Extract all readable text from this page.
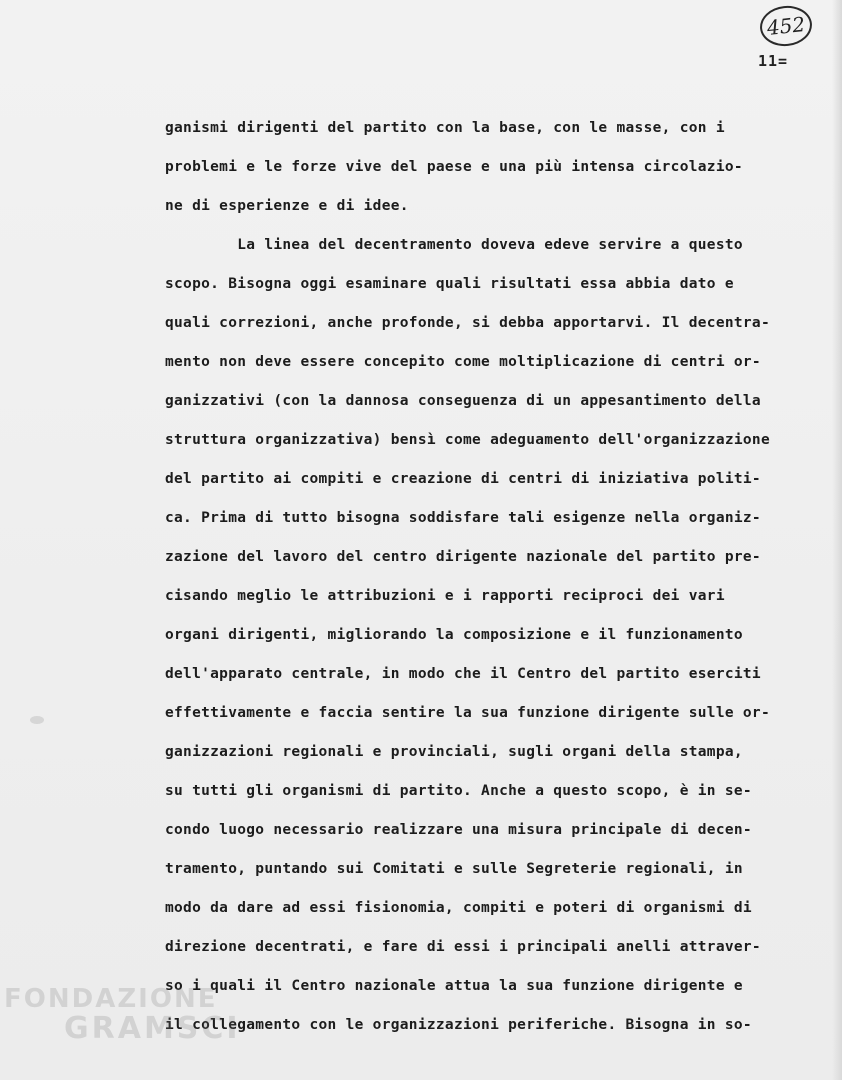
452
11=
ganismi dirigenti del partito con la base, con le masse, con i
problemi e le forze vive del paese e una più intensa circolazio-
ne di esperienze e di idee.
La linea del decentramento doveva edeve servire a questo
scopo. Bisogna oggi esaminare quali risultati essa abbia dato e
quali correzioni, anche profonde, si debba apportarvi. Il decentra-
mento non deve essere concepito come moltiplicazione di centri or-
ganizzativi (con la dannosa conseguenza di un appesantimento della
struttura organizzativa) bensì come adeguamento dell'organizzazione
del partito ai compiti e creazione di centri di iniziativa politi-
ca. Prima di tutto bisogna soddisfare tali esigenze nella organiz-
zazione del lavoro del centro dirigente nazionale del partito pre-
cisando meglio le attribuzioni e i rapporti reciproci dei vari
organi dirigenti, migliorando la composizione e il funzionamento
dell'apparato centrale, in modo che il Centro del partito eserciti
effettivamente e faccia sentire la sua funzione dirigente sulle or-
ganizzazioni regionali e provinciali, sugli organi della stampa,
su tutti gli organismi di partito. Anche a questo scopo, è in se-
condo luogo necessario realizzare una misura principale di decen-
tramento, puntando sui Comitati e sulle Segreterie regionali, in
modo da dare ad essi fisionomia, compiti e poteri di organismi di
direzione decentrati, e fare di essi i principali anelli attraver-
so i quali il Centro nazionale attua la sua funzione dirigente e
il collegamento con le organizzazioni periferiche. Bisogna in so-
FONDAZIONE
GRAMSCI
